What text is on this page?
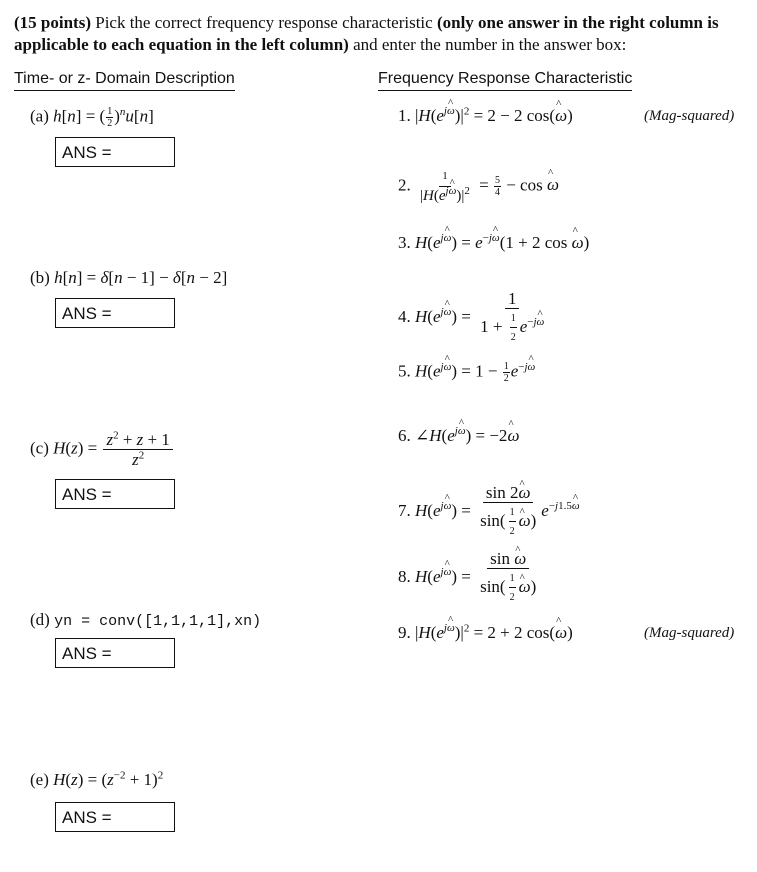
(15 points) Pick the correct frequency response characteristic (only one answer in the right column is applicable to each equation in the left column) and enter the number in the answer box:
Time- or z- Domain Description	Frequency Response Characteristic
(a) h[n] = ( $\frac{1}{2} )^nu[n]$
ANS =
(b) h[n] = δ[n − 1] − δ[n − 2]
ANS =
(c) $H(z) = \frac{z^2 + z + 1}{z^2}$
ANS =
(d) yn = conv([1,1,1,1],xn)
ANS =
(e) $H(z) = (z^{-2} + 1)^2$
ANS =
1. $|H(e^{j\omega})|^2 = 2 - 2$ cos(ω ^)	(Mag-squared)
2. $\frac{1}{|H(e^{j\omega})|^2} = \frac{5}{4} - \cos \omega$ ^
3. $H(e^{j\omega}) = e^{-j\omega}(1 + 2$ cos ω ^)
4. $H(e^{j\omega}) = \frac{1}{1 + \frac{1}{2} e^{-j\omega}}$
5. $H(e^{j\omega}) = 1 - \frac{1}{2} e^{-j\omega}$
6. $\angle H(e^{j\omega}) = -2\omega$ ^
7. $H(e^{j\omega}) = \frac{\sin 2\omega \^{}}{\sin( \frac{1}{2} \omega \^{})} e^{-j1.5\omega}$
8. $H(e^{j\omega}) = \frac{\text{sin ω \textasciicircum{}}}{\sin( \frac{1}{2} \omega \^{})}$
9. $|H(e^{j\omega})|^2 = 2 + 2$ cos(ω ^)	(Mag-squared)
